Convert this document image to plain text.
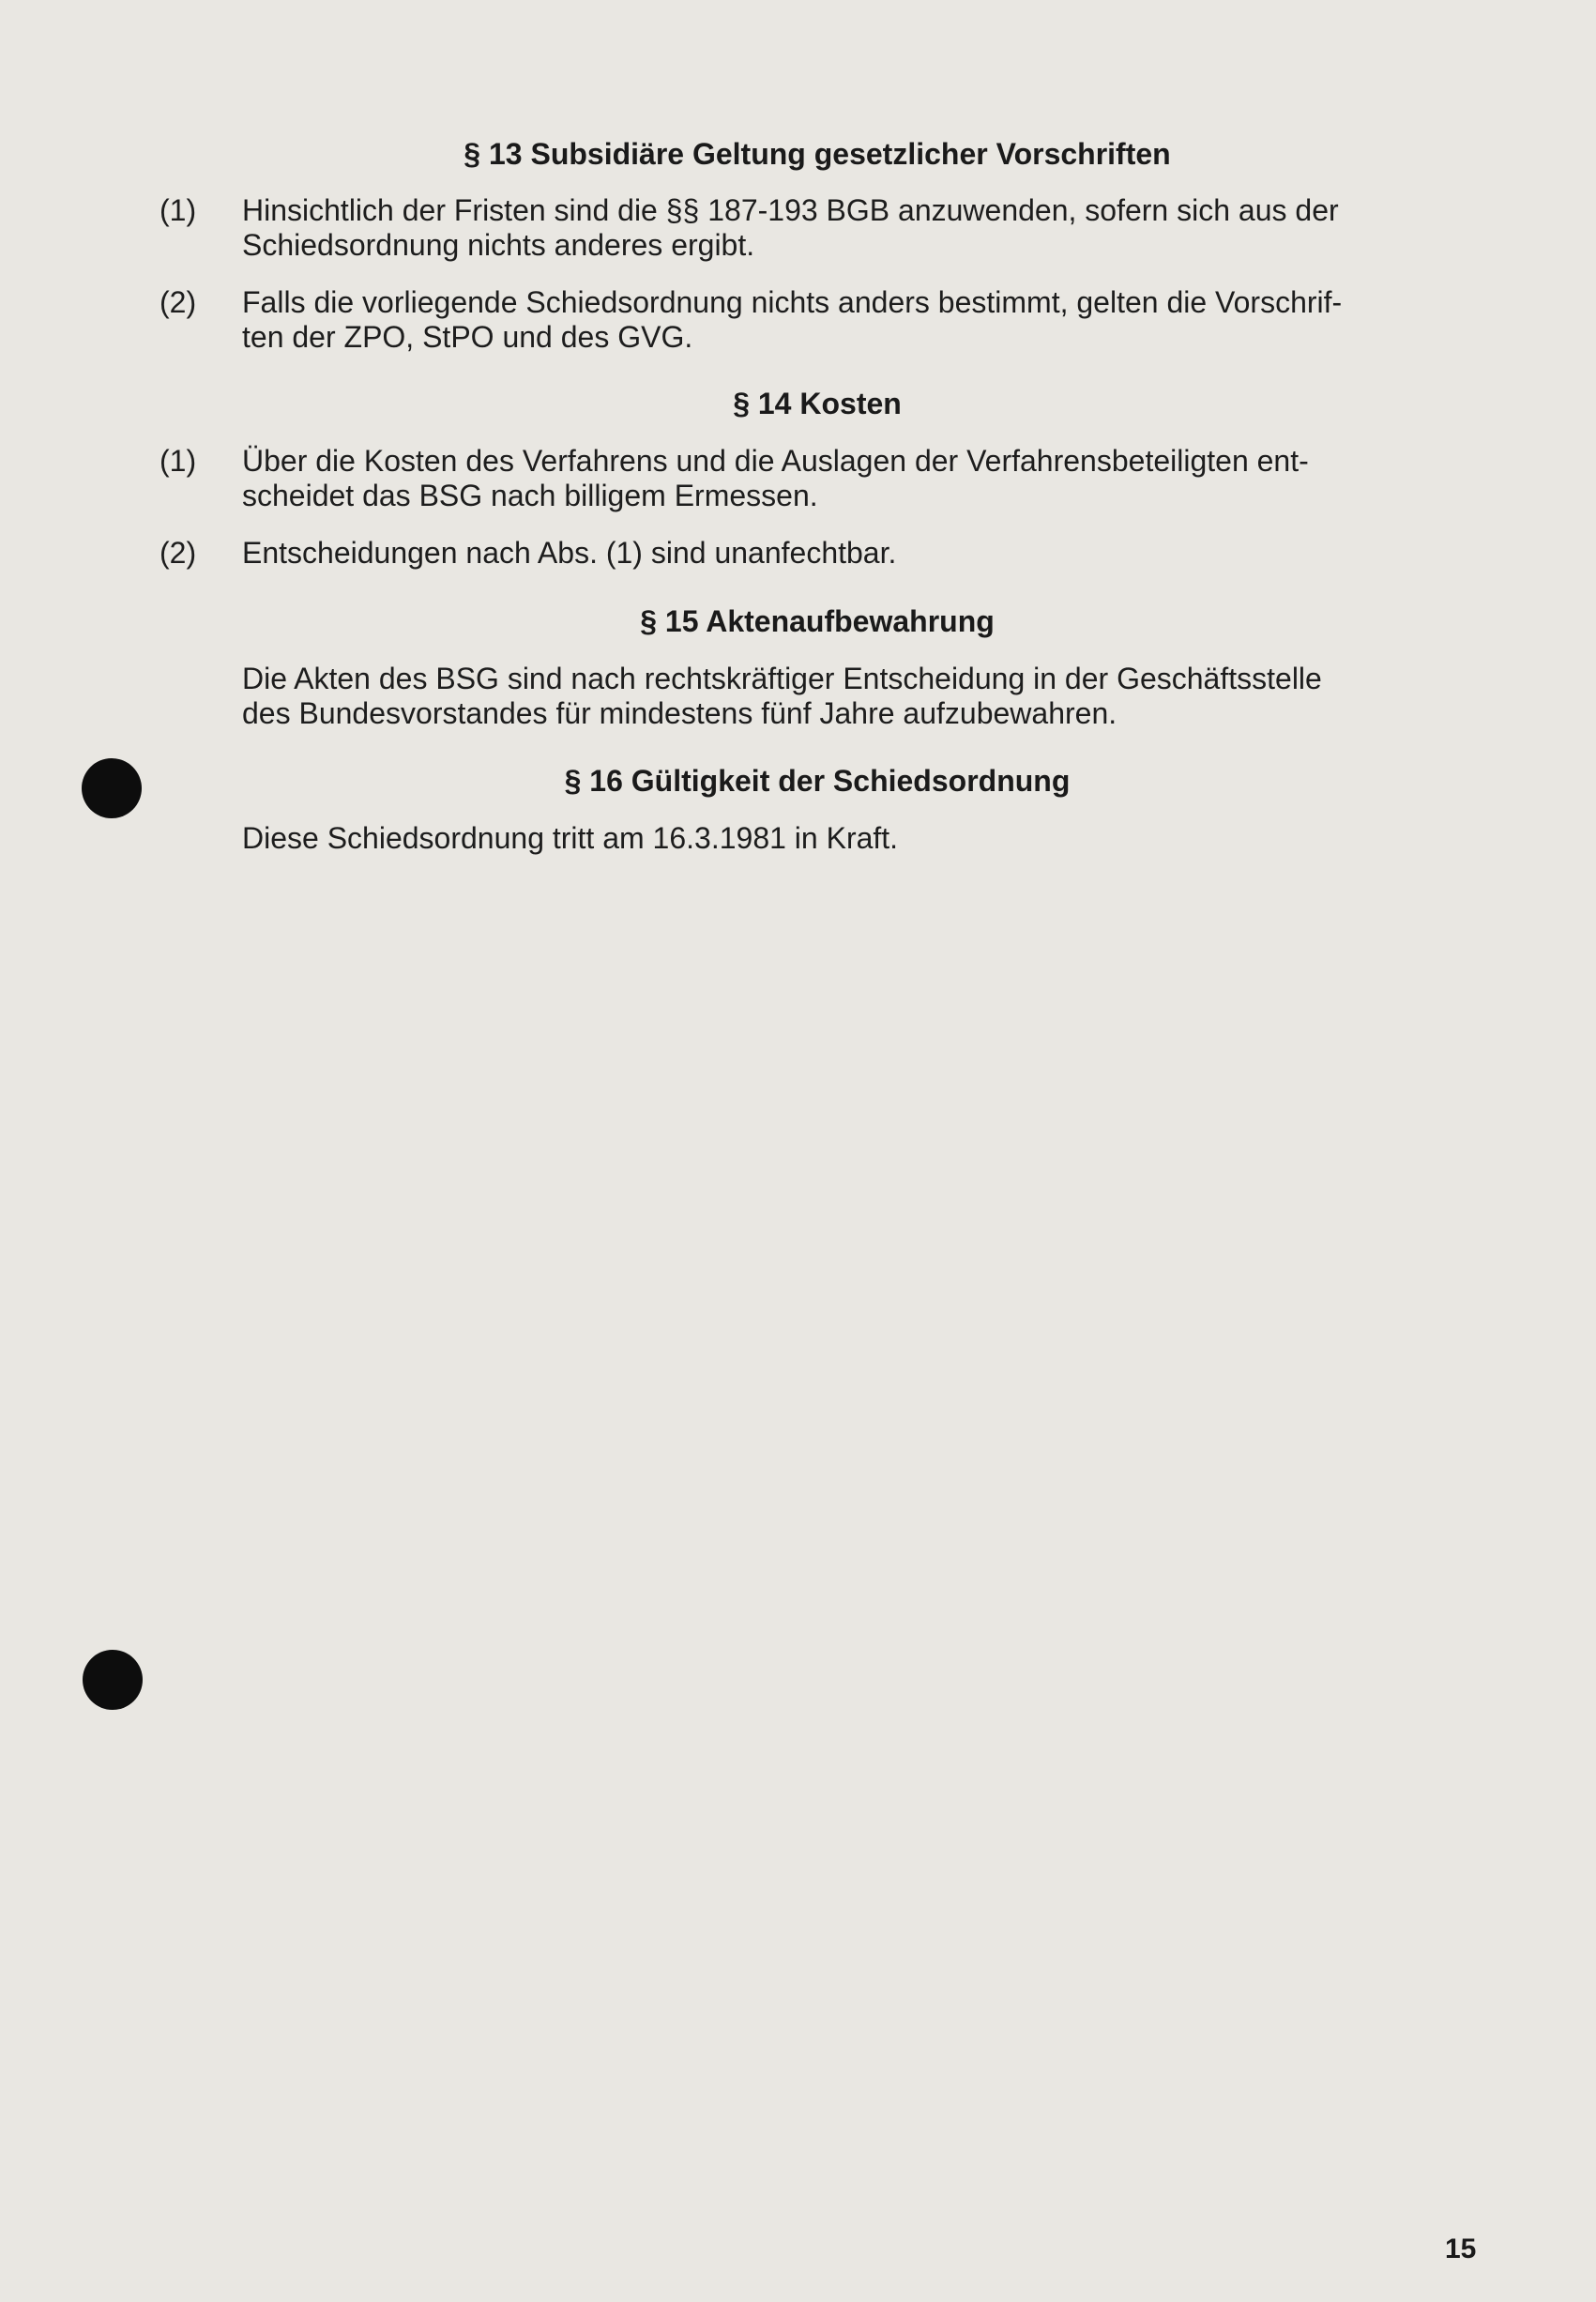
§ 13 Subsidiäre Geltung gesetzlicher Vorschriften
(1)	Hinsichtlich der Fristen sind die §§ 187-193 BGB anzuwenden, sofern sich aus der
Schiedsordnung nichts anderes ergibt.
(2)	Falls die vorliegende Schiedsordnung nichts anders bestimmt, gelten die Vorschrif-
ten der ZPO, StPO und des GVG.
§ 14 Kosten
(1)	Über die Kosten des Verfahrens und die Auslagen der Verfahrensbeteiligten ent-
scheidet das BSG nach billigem Ermessen.
(2)	Entscheidungen nach Abs. (1) sind unanfechtbar.
§ 15 Aktenaufbewahrung
Die Akten des BSG sind nach rechtskräftiger Entscheidung in der Geschäftsstelle
des Bundesvorstandes für mindestens fünf Jahre aufzubewahren.
§ 16 Gültigkeit der Schiedsordnung
Diese Schiedsordnung tritt am 16.3.1981 in Kraft.
15
